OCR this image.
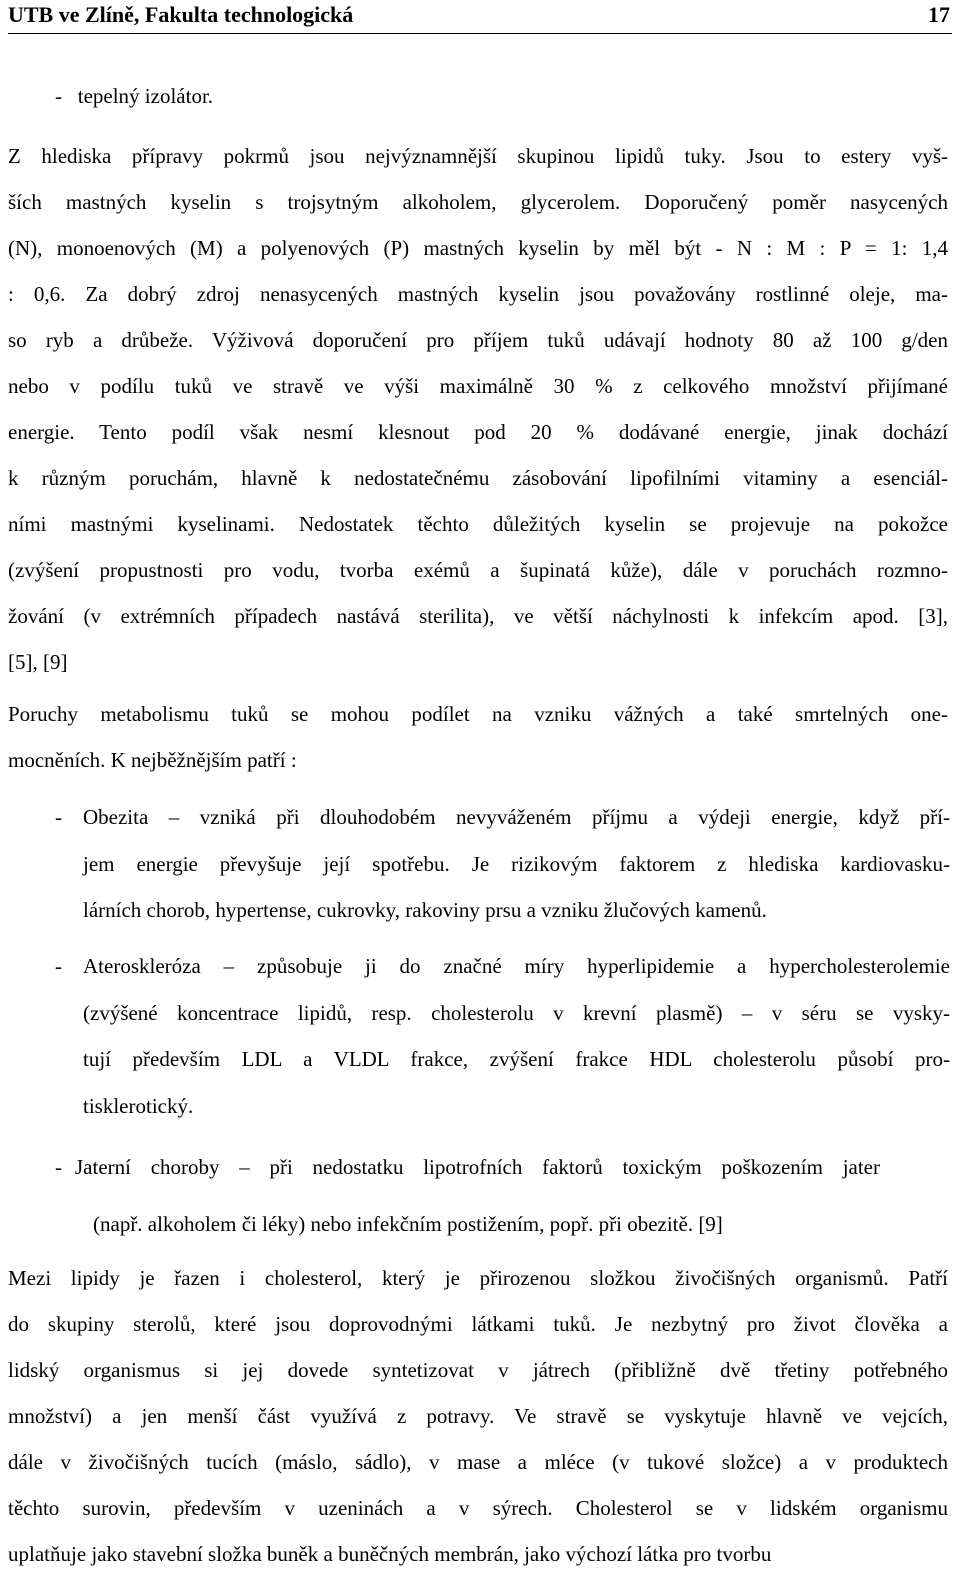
UTB ve Zlíně, Fakulta technologická	17
-   tepelný izolátor.
Z hlediska přípravy pokrmů jsou nejvýznamnější skupinou lipidů tuky. Jsou to estery vyš-
ších mastných kyselin s trojsytným alkoholem, glycerolem. Doporučený poměr nasycených
(N), monoenových (M) a polyenových (P) mastných kyselin by měl být - N : M : P = 1: 1,4
: 0,6. Za dobrý zdroj nenasycených mastných kyselin jsou považovány rostlinné oleje, ma-
so ryb a drůbeže. Výživová doporučení pro příjem tuků udávají hodnoty 80 až 100 g/den
nebo v podílu tuků ve stravě ve výši maximálně 30 % z celkového množství přijímané
energie. Tento podíl však nesmí klesnout pod 20 % dodávané energie, jinak dochází
k různým poruchám, hlavně k nedostatečnému zásobování lipofilními vitaminy a esenciál-
ními mastnými kyselinami. Nedostatek těchto důležitých kyselin se projevuje na pokožce
(zvýšení propustnosti pro vodu, tvorba exémů a šupinatá kůže), dále v poruchách rozmno-
žování (v extrémních případech nastává sterilita), ve větší náchylnosti k infekcím apod. [3],
[5], [9]
Poruchy metabolismu tuků se mohou podílet na vzniku vážných a také smrtelných one-
mocněních. K nejběžnějším patří :
- Obezita – vzniká při dlouhodobém nevyváženém příjmu a výdeji energie, když pří-
jem energie převyšuje její spotřebu. Je rizikovým faktorem z hlediska kardiovasku-
lárních chorob, hypertense, cukrovky, rakoviny prsu a vzniku žlučových kamenů.
- Ateroskleróza – způsobuje ji do značné míry hyperlipidemie a hypercholesterolemie
(zvýšené koncentrace lipidů, resp. cholesterolu v krevní plasmě) – v séru se vysky-
tují především LDL a VLDL frakce, zvýšení frakce HDL cholesterolu působí pro-
tisklerotický.
- Jaterní choroby – při nedostatku lipotrofních faktorů toxickým poškozením jater
(např. alkoholem či léky) nebo infekčním postižením, popř. při obezitě. [9]
Mezi lipidy je řazen i cholesterol, který je přirozenou složkou živočišných organismů. Patří
do skupiny sterolů, které jsou doprovodnými látkami tuků. Je nezbytný pro život člověka a
lidský organismus si jej dovede syntetizovat v játrech (přibližně dvě třetiny potřebného
množství) a jen menší část využívá z potravy. Ve stravě se vyskytuje hlavně ve vejcích,
dále v živočišných tucích (máslo, sádlo), v mase a mléce (v tukové složce) a v produktech
těchto surovin, především v uzeninách a v sýrech. Cholesterol se v lidském organismu
uplatňuje jako stavební složka buněk a buněčných membrán, jako výchozí látka pro tvorbu
